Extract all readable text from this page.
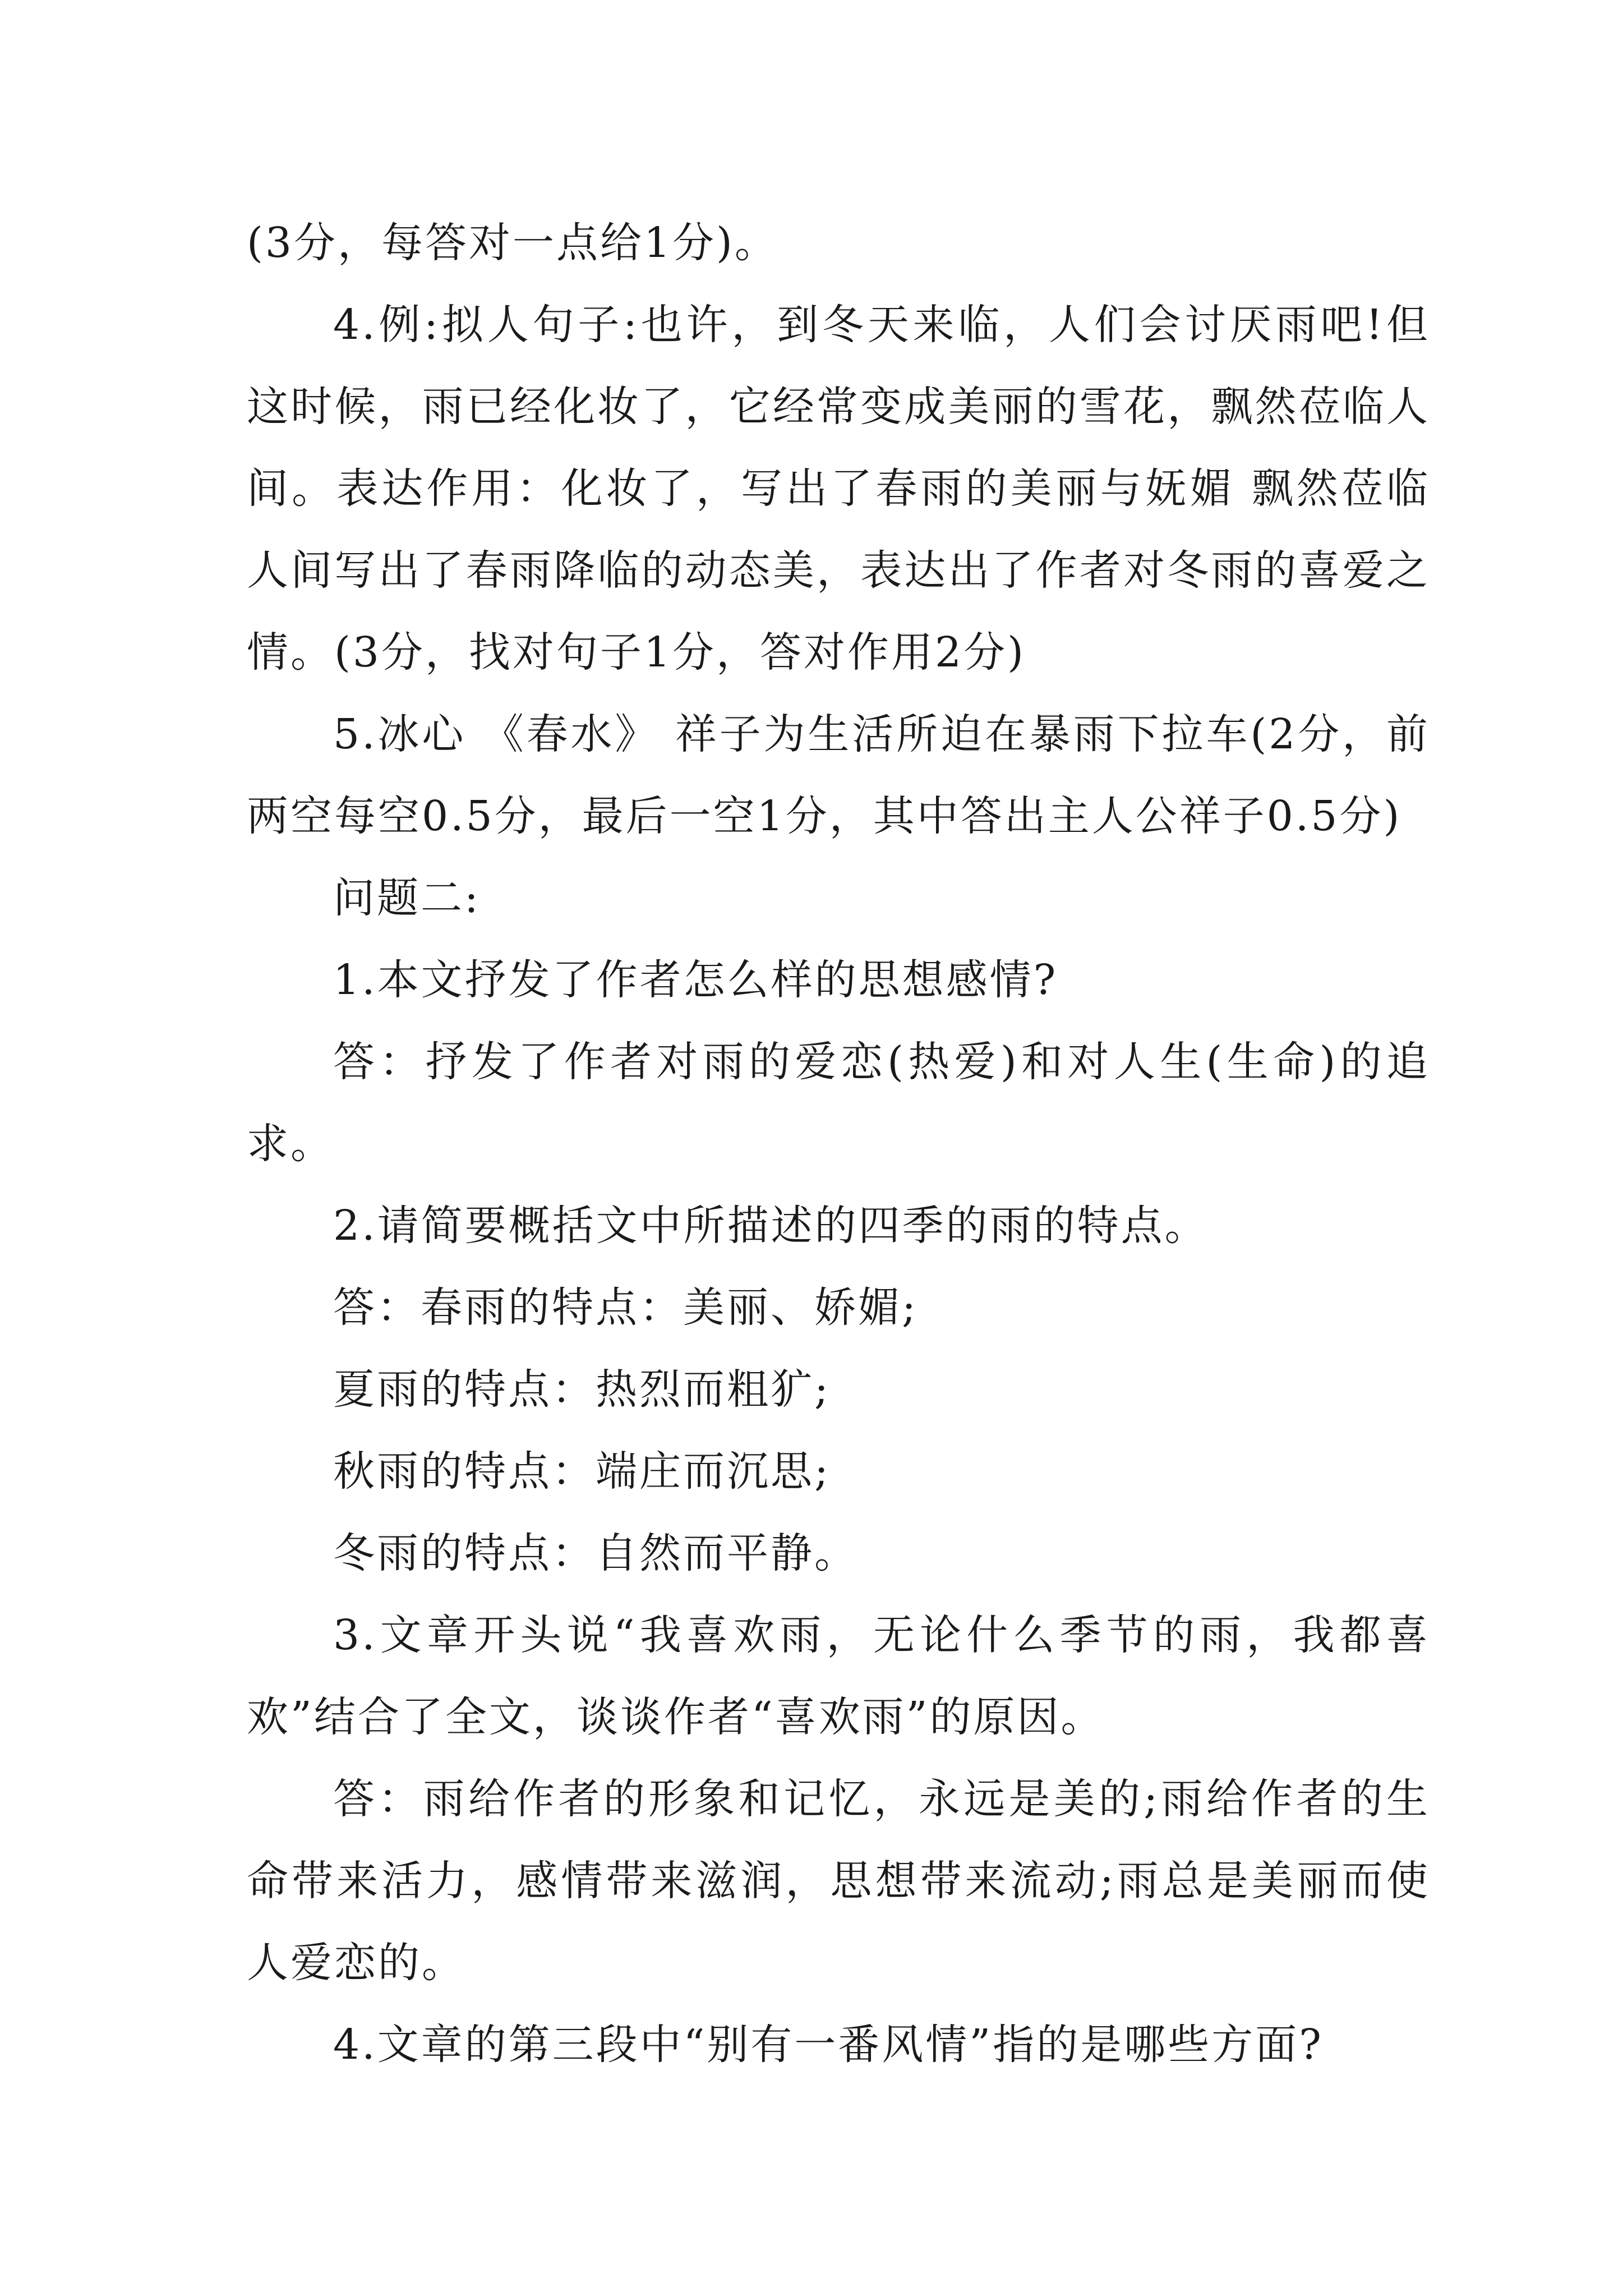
(3分，每答对一点给1分)。

4.例:拟人句子:也许，到冬天来临，人们会讨厌雨吧!但这时候，雨已经化妆了，它经常变成美丽的雪花，飘然莅临人间。表达作用：化妆了，写出了春雨的美丽与妩媚 飘然莅临人间写出了春雨降临的动态美，表达出了作者对冬雨的喜爱之情。(3分，找对句子1分，答对作用2分)

5.冰心 《春水》 祥子为生活所迫在暴雨下拉车(2分，前两空每空0.5分，最后一空1分，其中答出主人公祥子0.5分)

问题二:

1.本文抒发了作者怎么样的思想感情?

答：抒发了作者对雨的爱恋(热爱)和对人生(生命)的追求。

2.请简要概括文中所描述的四季的雨的特点。

答：春雨的特点：美丽、娇媚;

夏雨的特点：热烈而粗犷;

秋雨的特点：端庄而沉思;

冬雨的特点：自然而平静。

3.文章开头说“我喜欢雨，无论什么季节的雨，我都喜欢”结合了全文，谈谈作者“喜欢雨”的原因。

答：雨给作者的形象和记忆，永远是美的;雨给作者的生命带来活力，感情带来滋润，思想带来流动;雨总是美丽而使人爱恋的。

4.文章的第三段中“别有一番风情”指的是哪些方面?
